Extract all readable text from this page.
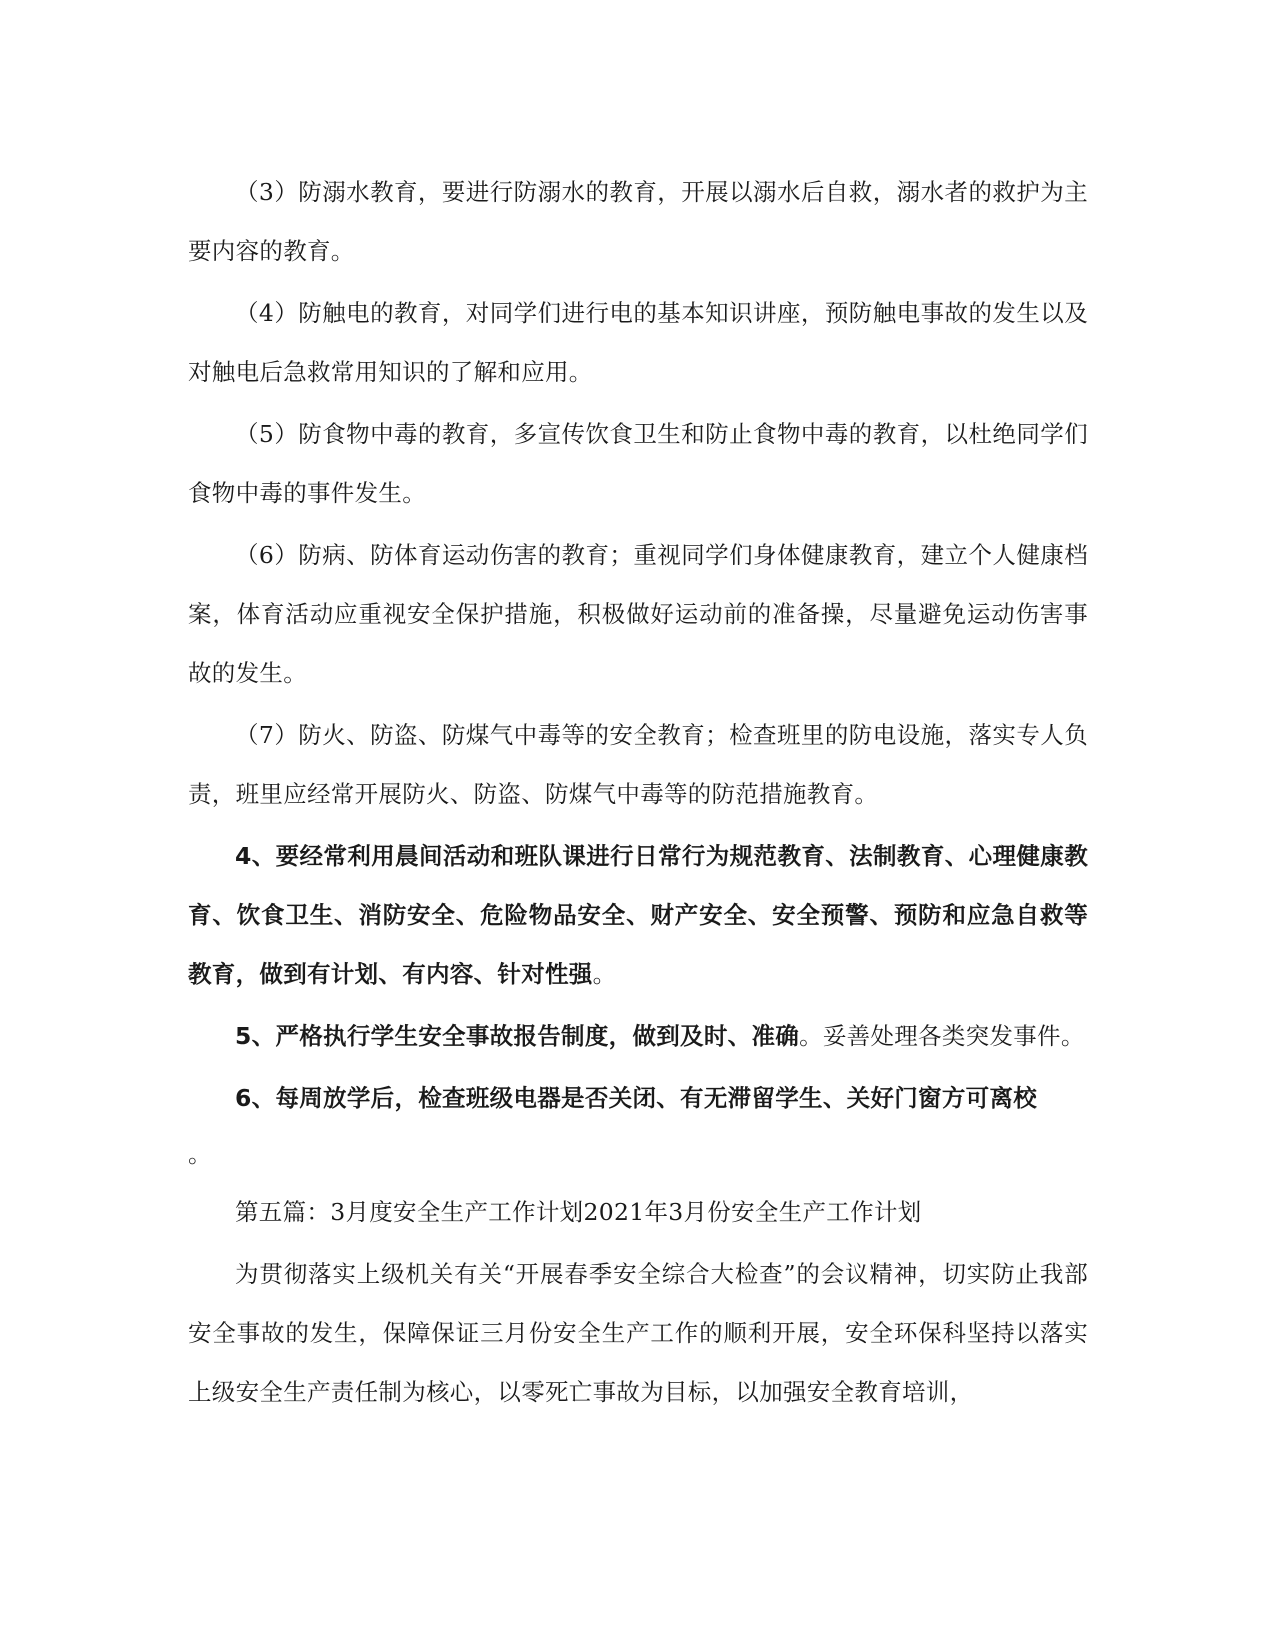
（3）防溺水教育，要进行防溺水的教育，开展以溺水后自救，溺水者的救护为主要内容的教育。

（4）防触电的教育，对同学们进行电的基本知识讲座，预防触电事故的发生以及对触电后急救常用知识的了解和应用。

（5）防食物中毒的教育，多宣传饮食卫生和防止食物中毒的教育，以杜绝同学们食物中毒的事件发生。

（6）防病、防体育运动伤害的教育；重视同学们身体健康教育，建立个人健康档案，体育活动应重视安全保护措施，积极做好运动前的准备操，尽量避免运动伤害事故的发生。

（7）防火、防盗、防煤气中毒等的安全教育；检查班里的防电设施，落实专人负责，班里应经常开展防火、防盗、防煤气中毒等的防范措施教育。

4、要经常利用晨间活动和班队课进行日常行为规范教育、法制教育、心理健康教育、饮食卫生、消防安全、危险物品安全、财产安全、安全预警、预防和应急自救等教育，做到有计划、有内容、针对性强。

5、严格执行学生安全事故报告制度，做到及时、准确。妥善处理各类突发事件。

6、每周放学后，检查班级电器是否关闭、有无滞留学生、关好门窗方可离校
。

第五篇：3月度安全生产工作计划2021年3月份安全生产工作计划

为贯彻落实上级机关有关“开展春季安全综合大检查”的会议精神，切实防止我部安全事故的发生，保障保证三月份安全生产工作的顺利开展，安全环保科坚持以落实上级安全生产责任制为核心，以零死亡事故为目标，以加强安全教育培训，
